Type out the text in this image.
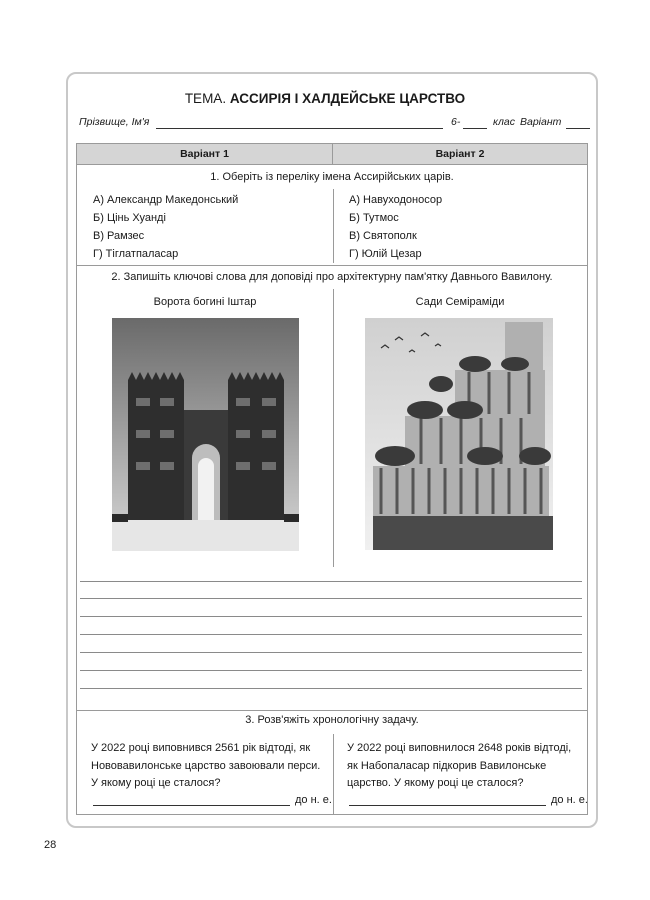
ТЕМА. АССИРІЯ І ХАЛДЕЙСЬКЕ ЦАРСТВО
Прізвище, Ім'я	6-	клас Варіант
Варіант 1	Варіант 2
1. Оберіть із переліку імена Ассирійських царів.
А) Александр Македонський
Б) Цінь Хуанді
В) Рамзес
Г) Тіглатпаласар
А) Навуходоносор
Б) Тутмос
В) Святополк
Г) Юлій Цезар
2. Запишіть ключові слова для доповіді про архітектурну пам'ятку Давнього Вавилону.
Ворота богині Іштар	Сади Семіраміди
3. Розв'яжіть хронологічну задачу.
У 2022 році виповнився 2561 рік відтоді, як
Нововавилонське царство завоювали перси.
У якому році це сталося?
У 2022 році виповнилося 2648 років відтоді,
як Набопаласар підкорив Вавилонське
царство. У якому році це сталося?
до н. е.	до н. е.
28
